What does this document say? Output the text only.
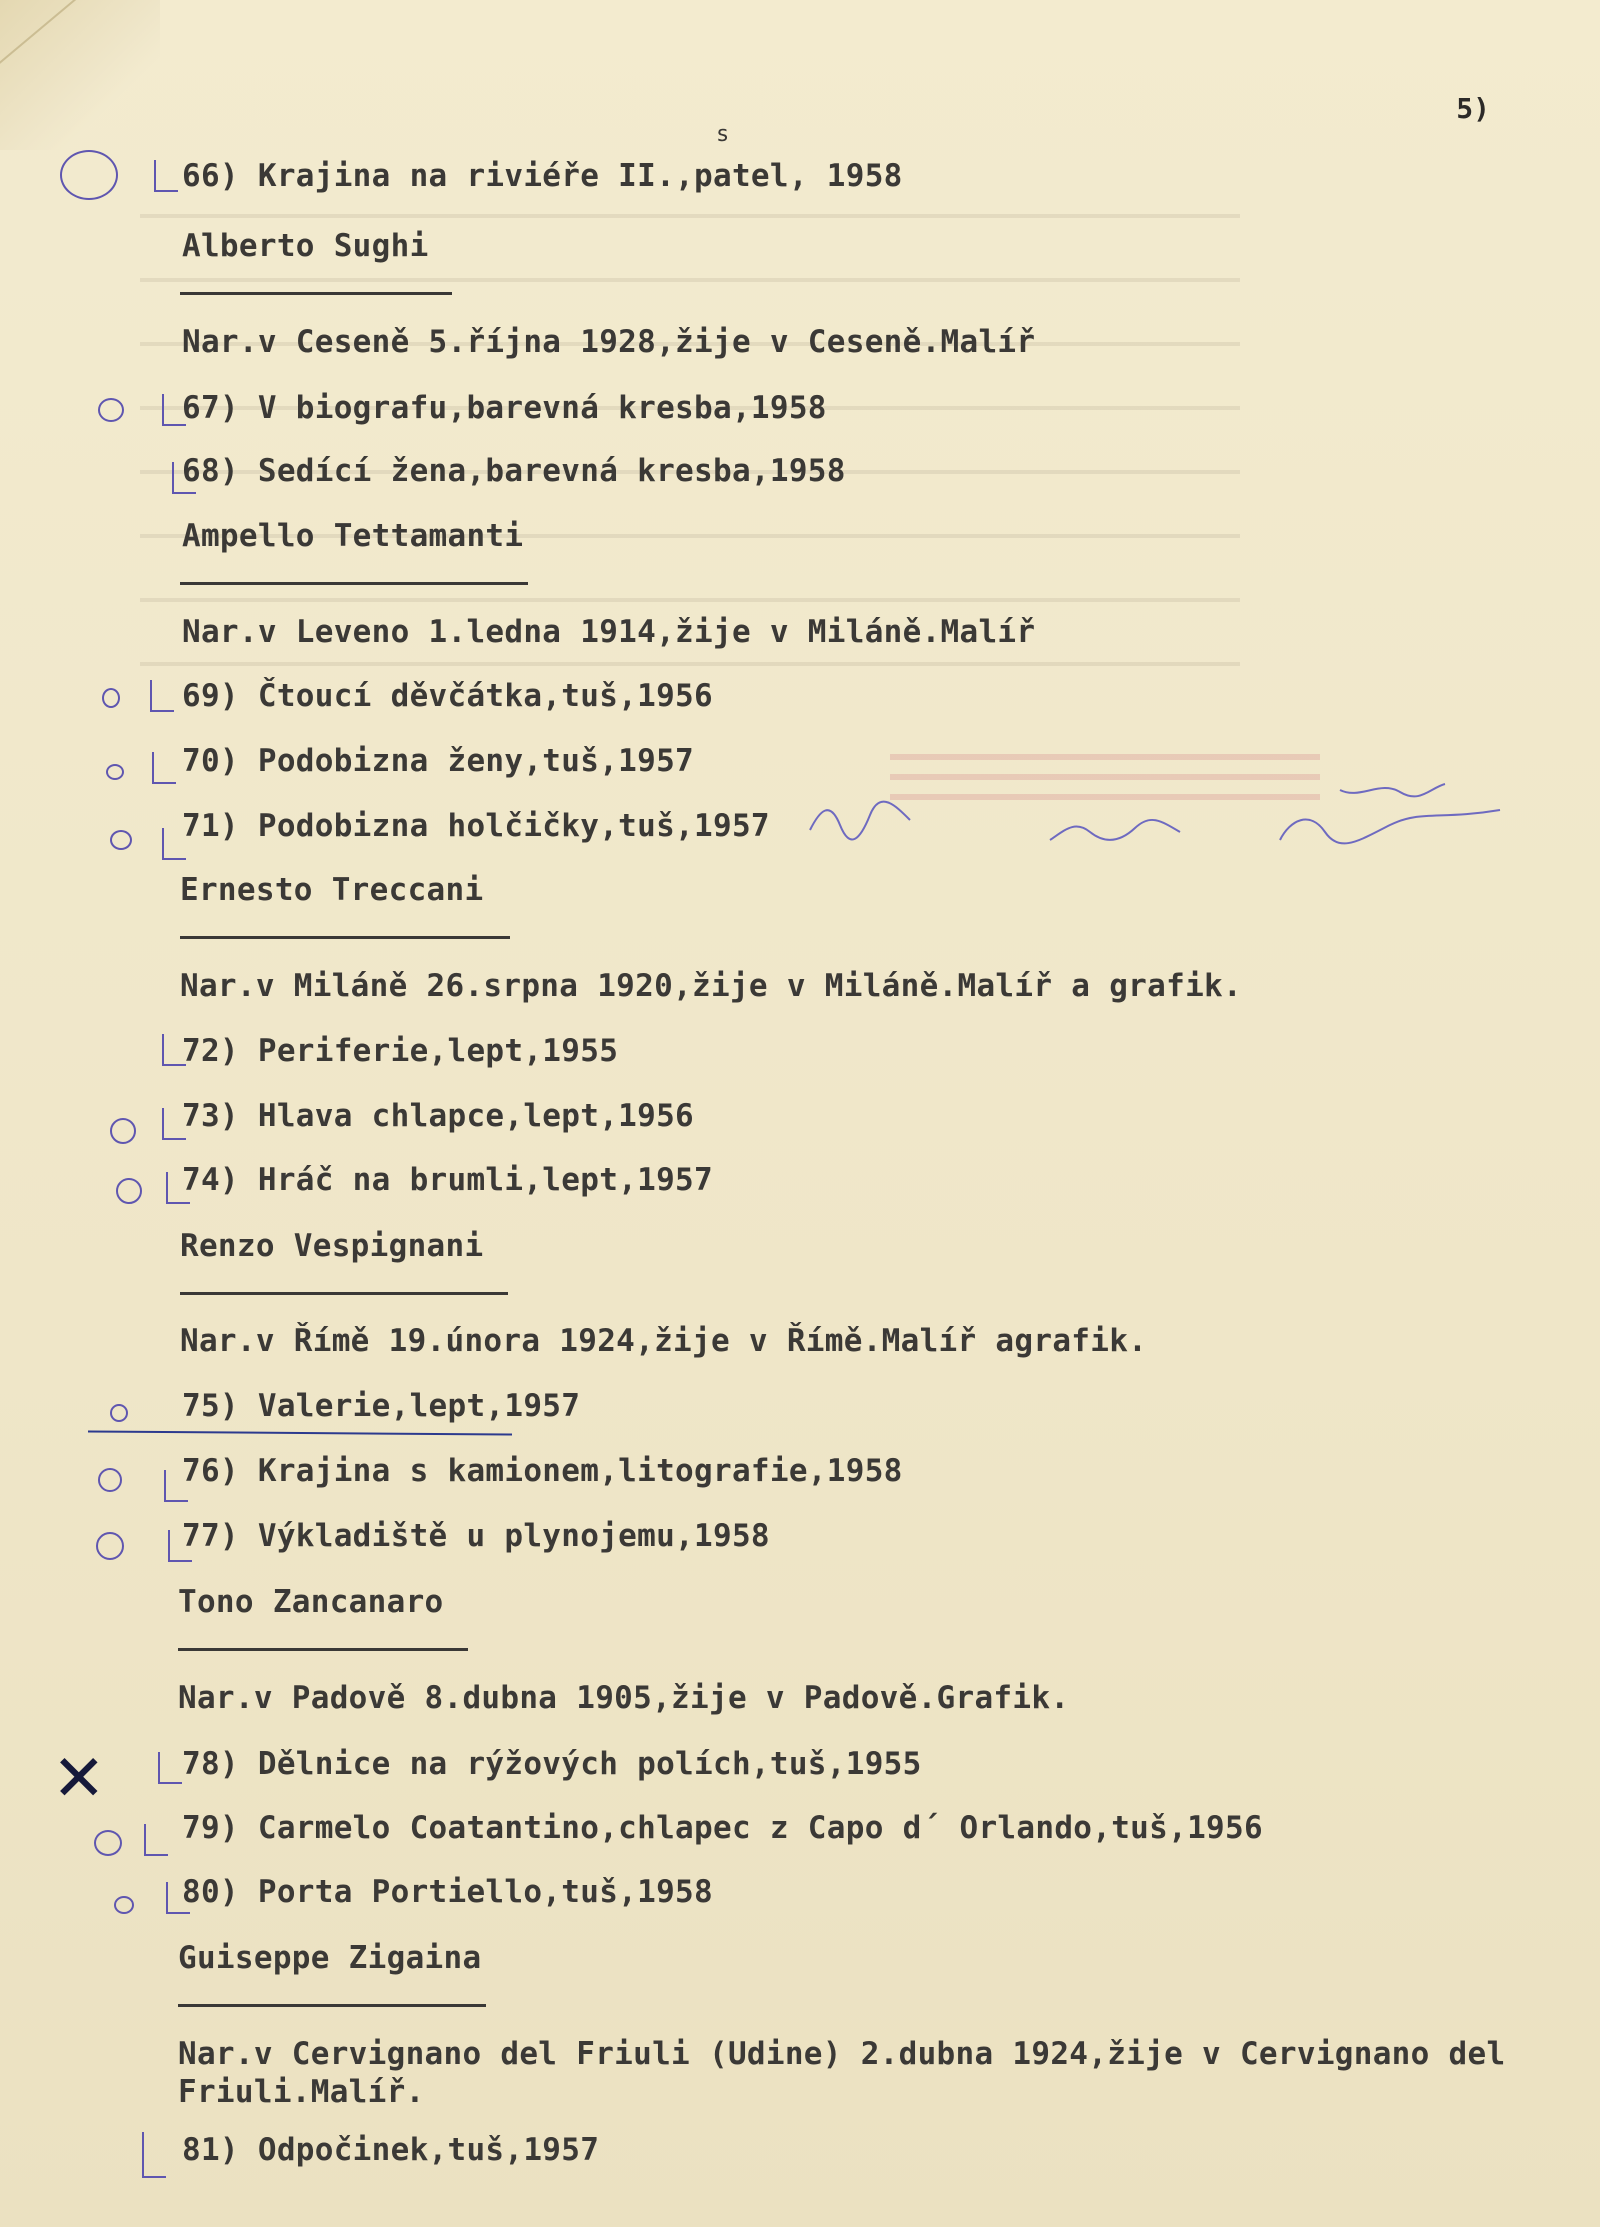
5)
s
66) Krajina na riviéře II.,patel, 1958
Alberto Sughi
Nar.v Ceseně 5.října 1928,žije v Ceseně.Malíř
67) V biografu,barevná kresba,1958
68) Sedící žena,barevná kresba,1958
Ampello Tettamanti
Nar.v Leveno 1.ledna 1914,žije v Miláně.Malíř
69) Čtoucí děvčátka,tuš,1956
70) Podobizna ženy,tuš,1957
71) Podobizna holčičky,tuš,1957
Ernesto Treccani
Nar.v Miláně 26.srpna 1920,žije v Miláně.Malíř a grafik.
72) Periferie,lept,1955
73) Hlava chlapce,lept,1956
74) Hráč na brumli,lept,1957
Renzo Vespignani
Nar.v Římě 19.února 1924,žije v Římě.Malíř agrafik.
75) Valerie,lept,1957
76) Krajina s kamionem,litografie,1958
77) Výkladiště u plynojemu,1958
Tono Zancanaro
Nar.v Padově 8.dubna 1905,žije v Padově.Grafik.
78) Dělnice na rýžových polích,tuš,1955
79) Carmelo Coatantino,chlapec z Capo d´ Orlando,tuš,1956
80) Porta Portiello,tuš,1958
Guiseppe Zigaina
Nar.v Cervignano del Friuli (Udine) 2.dubna 1924,žije v Cervignano del
Friuli.Malíř.
81) Odpočinek,tuš,1957
✕
